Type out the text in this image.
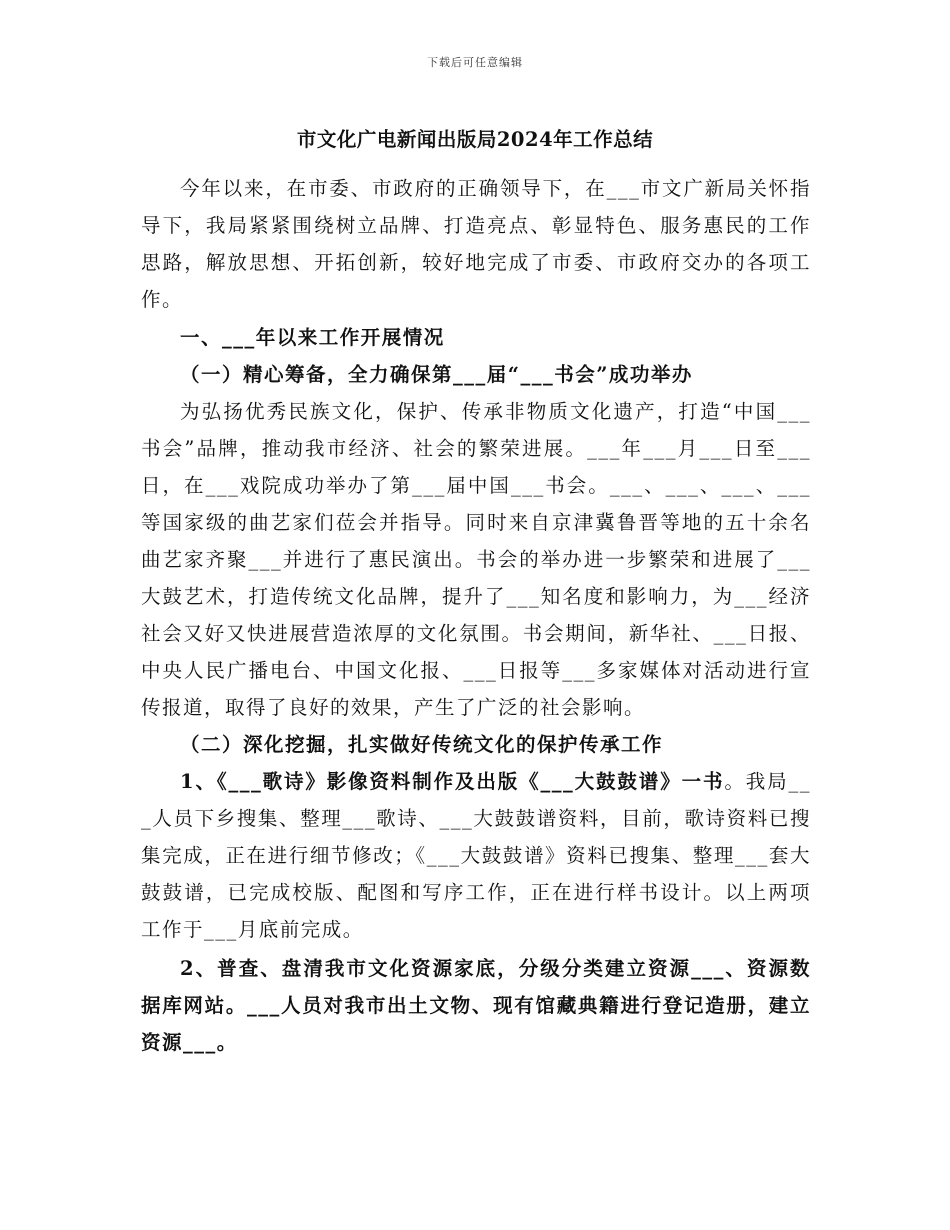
下载后可任意编辑
市文化广电新闻出版局2024年工作总结

今年以来，在市委、市政府的正确领导下，在___市文广新局关怀指导下，我局紧紧围绕树立品牌、打造亮点、彰显特色、服务惠民的工作思路，解放思想、开拓创新，较好地完成了市委、市政府交办的各项工作。

一、___年以来工作开展情况

（一）精心筹备，全力确保第___届“___书会”成功举办

为弘扬优秀民族文化，保护、传承非物质文化遗产，打造“中国___书会”品牌，推动我市经济、社会的繁荣进展。___年___月___日至___日，在___戏院成功举办了第___届中国___书会。___、___、___、___等国家级的曲艺家们莅会并指导。同时来自京津冀鲁晋等地的五十余名曲艺家齐聚___并进行了惠民演出。书会的举办进一步繁荣和进展了___大鼓艺术，打造传统文化品牌，提升了___知名度和影响力，为___经济社会又好又快进展营造浓厚的文化氛围。书会期间，新华社、___日报、中央人民广播电台、中国文化报、___日报等___多家媒体对活动进行宣传报道，取得了良好的效果，产生了广泛的社会影响。

（二）深化挖掘，扎实做好传统文化的保护传承工作

1、《___歌诗》影像资料制作及出版《___大鼓鼓谱》一书。我局___人员下乡搜集、整理___歌诗、___大鼓鼓谱资料，目前，歌诗资料已搜集完成，正在进行细节修改；《___大鼓鼓谱》资料已搜集、整理___套大鼓鼓谱，已完成校版、配图和写序工作，正在进行样书设计。以上两项工作于___月底前完成。

2、普查、盘清我市文化资源家底，分级分类建立资源___、资源数据库网站。___人员对我市出土文物、现有馆藏典籍进行登记造册，建立资源___。
